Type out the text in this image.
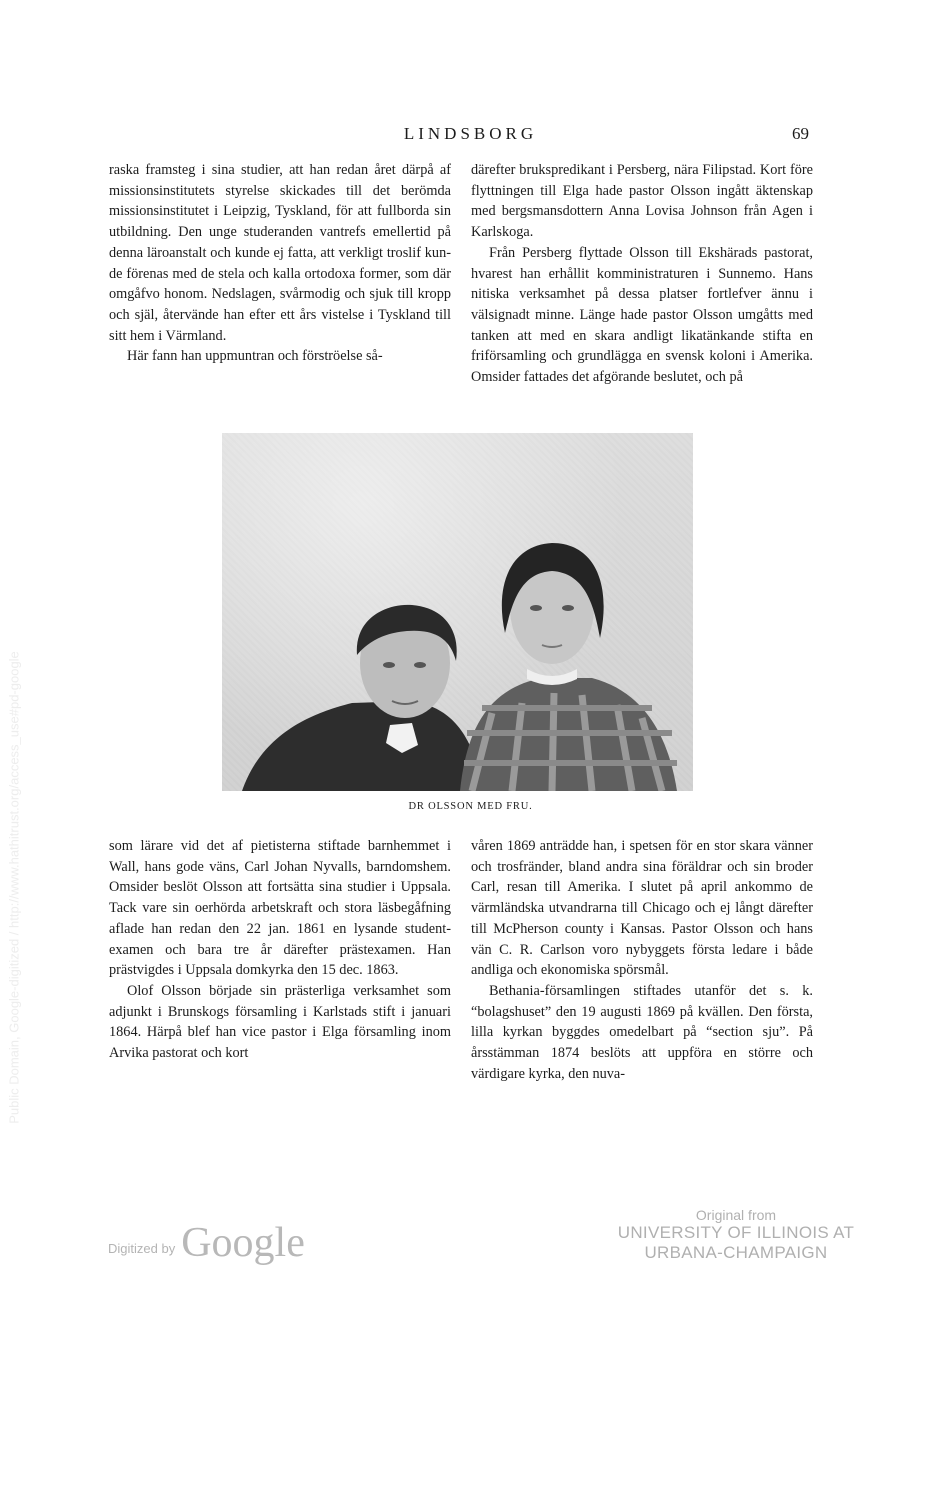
LINDSBORG	69

raska framsteg i sina studier, att han redan året därpå af missionsinstitutets styrelse skickades till det berömda missionsinstitutet i Leipzig, Tyskland, för att fullborda sin utbildning. Den unge studeranden vantrefs emellertid på denna läroanstalt och kunde ej fatta, att verkligt troslif kunde förenas med de stela och kalla ortodoxa former, som där omgåfvo honom. Nedslagen, svårmodig och sjuk till kropp och själ, återvände han efter ett års vistelse i Tyskland till sitt hem i Värmland.

Här fann han uppmuntran och förströelse så-

därefter brukspredikant i Persberg, nära Filipstad. Kort före flyttningen till Elga hade pastor Olsson ingått äktenskap med bergsmansdottern Anna Lovisa Johnson från Agen i Karlskoga.

Från Persberg flyttade Olsson till Ekshärads pastorat, hvarest han erhållit komministraturen i Sunnemo. Hans nitiska verksamhet på dessa platser fortlefver ännu i välsignadt minne. Länge hade pastor Olsson umgåtts med tanken att med en skara andligt likatänkande stifta en friförsamling och grundlägga en svensk koloni i Amerika. Omsider fattades det afgörande beslutet, och på

DR OLSSON MED FRU.

som lärare vid det af pietisterna stiftade barnhemmet i Wall, hans gode väns, Carl Johan Nyvalls, barndomshem. Omsider beslöt Olsson att fortsätta sina studier i Uppsala. Tack vare sin oerhörda arbetskraft och stora läsbegåfning aflade han redan den 22 jan. 1861 en lysande studentexamen och bara tre år därefter prästexamen. Han prästvigdes i Uppsala domkyrka den 15 dec. 1863.

Olof Olsson började sin prästerliga verksamhet som adjunkt i Brunskogs församling i Karlstads stift i januari 1864. Härpå blef han vice pastor i Elga församling inom Arvika pastorat och kort

våren 1869 anträdde han, i spetsen för en stor skara vänner och trosfränder, bland andra sina föräldrar och sin broder Carl, resan till Amerika. I slutet på april ankommo de värmländska utvandrarna till Chicago och ej långt därefter till McPherson county i Kansas. Pastor Olsson och hans vän C. R. Carlson voro nybyggets första ledare i både andliga och ekonomiska spörsmål.

Bethania-församlingen stiftades utanför det s. k. “bolagshuset” den 19 augusti 1869 på kvällen. Den första, lilla kyrkan byggdes omedelbart på “section sju”. På årsstämman 1874 beslöts att uppföra en större och värdigare kyrka, den nuva-

Digitized by Google
Original from
UNIVERSITY OF ILLINOIS AT
URBANA-CHAMPAIGN
Public Domain, Google-digitized / http://www.hathitrust.org/access_use#pd-google
